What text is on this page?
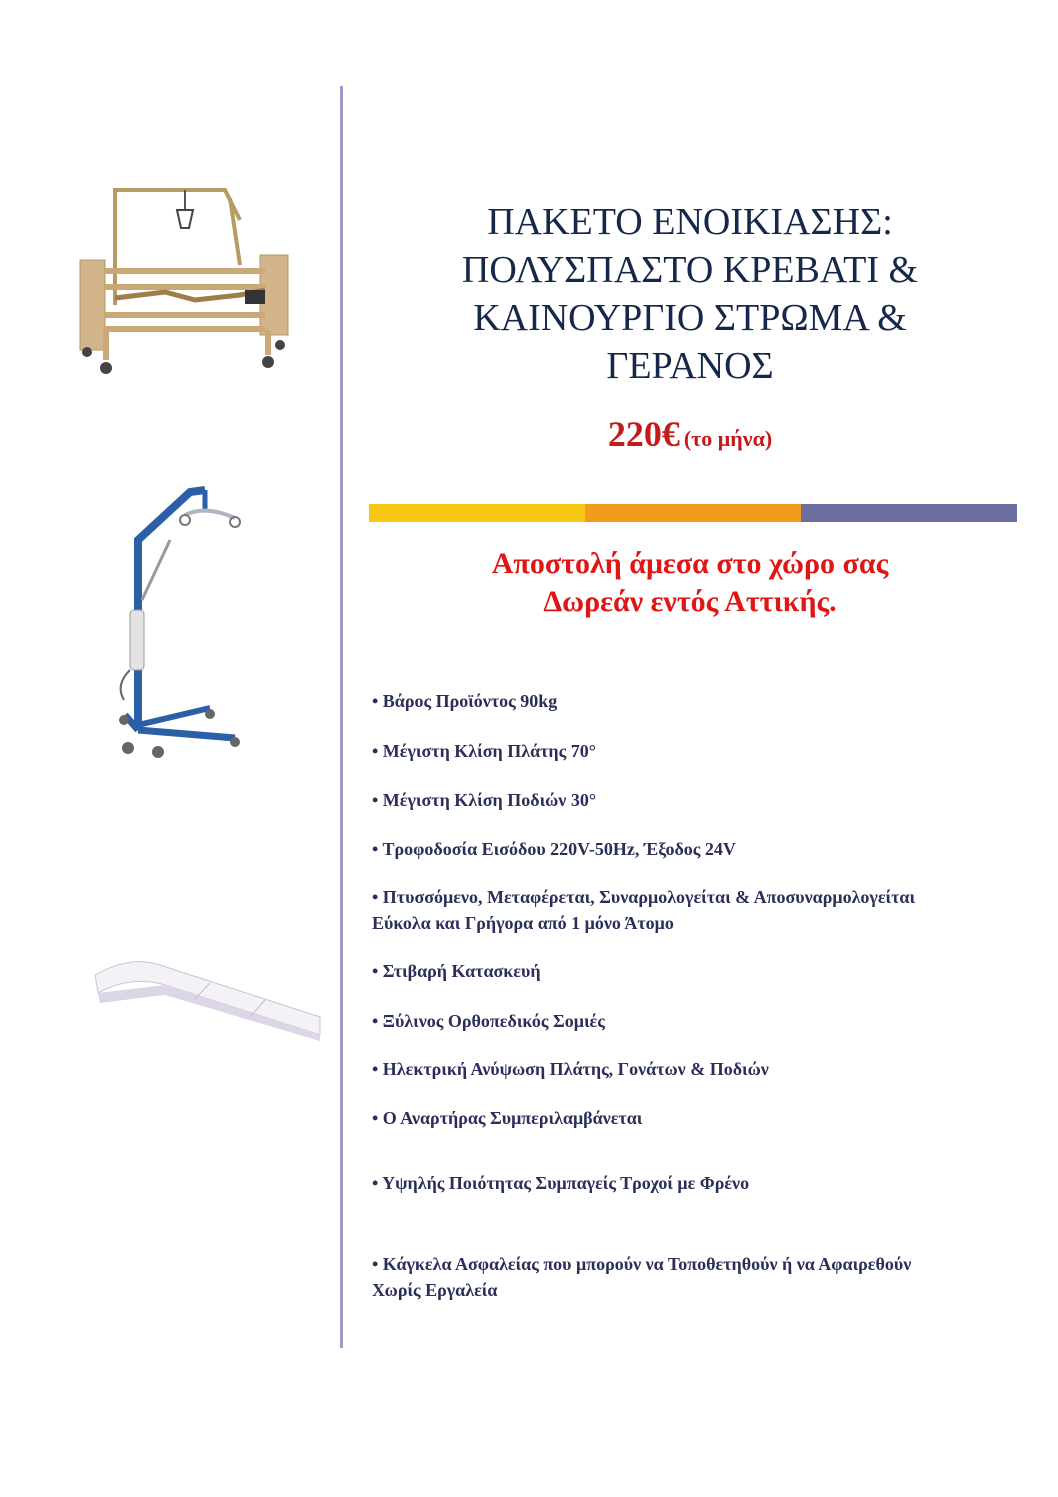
ΠΑΚΕΤΟ ΕΝΟΙΚΙΑΣΗΣ:
ΠΟΛΥΣΠΑΣΤΟ ΚΡΕΒΑΤΙ &
ΚΑΙΝΟΥΡΓΙΟ ΣΤΡΩΜΑ &
ΓΕΡΑΝΟΣ
220€ (το μήνα)
Αποστολή άμεσα στο χώρο σας
Δωρεάν εντός Αττικής.
• Βάρος Προϊόντος 90kg
• Μέγιστη Κλίση Πλάτης 70°
• Μέγιστη Κλίση Ποδιών 30°
• Τροφοδοσία Εισόδου 220V-50Hz, Έξοδος 24V
• Πτυσσόμενο, Μεταφέρεται, Συναρμολογείται & Αποσυναρμολογείται Εύκολα και Γρήγορα από 1 μόνο Άτομο
• Στιβαρή Κατασκευή
• Ξύλινος Ορθοπεδικός Σομιές
• Ηλεκτρική Ανύψωση Πλάτης, Γονάτων & Ποδιών
• Ο Αναρτήρας Συμπεριλαμβάνεται
• Υψηλής Ποιότητας Συμπαγείς Τροχοί με Φρένο
• Κάγκελα Ασφαλείας που μπορούν να Τοποθετηθούν ή να Αφαιρεθούν Χωρίς Εργαλεία
